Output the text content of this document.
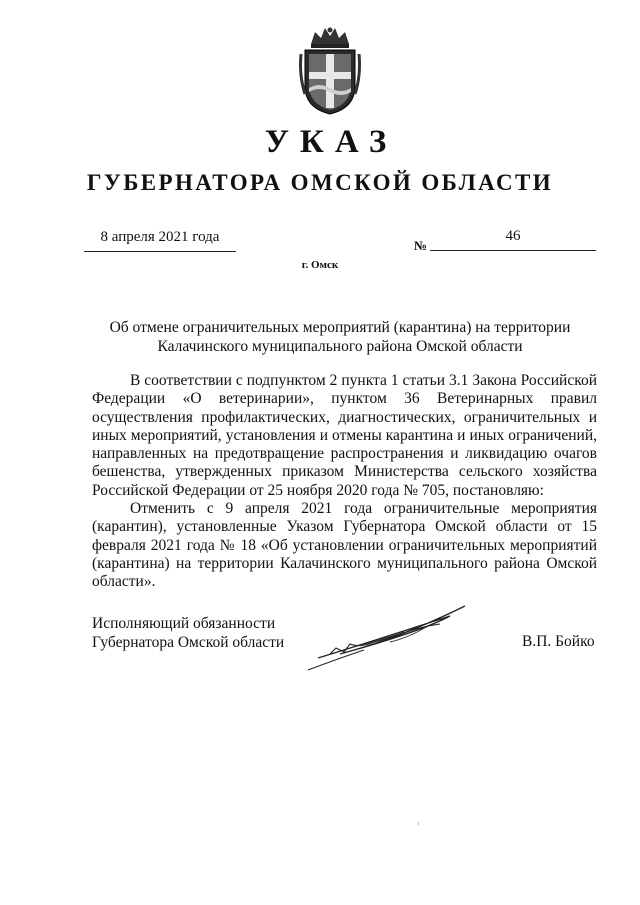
УКАЗ
ГУБЕРНАТОРА ОМСКОЙ ОБЛАСТИ
8 апреля 2021 года
№
46
г. Омск

Об отмене ограничительных мероприятий (карантина) на территории
Калачинского муниципального района Омской области

В соответствии с подпунктом 2 пункта 1 статьи 3.1 Закона Российской Федерации «О ветеринарии», пунктом 36 Ветеринарных правил осуществления профилактических, диагностических, ограничительных и иных мероприятий, установления и отмены карантина и иных ограничений, направленных на предотвращение распространения и ликвидацию очагов бешенства, утвержденных приказом Министерства сельского хозяйства Российской Федерации от 25 ноября 2020 года № 705, постановляю:

Отменить с 9 апреля 2021 года ограничительные мероприятия (карантин), установленные Указом Губернатора Омской области от 15 февраля 2021 года № 18 «Об установлении ограничительных мероприятий (карантина) на территории Калачинского муниципального района Омской области».

Исполняющий обязанности
Губернатора Омской области	В.П. Бойко
